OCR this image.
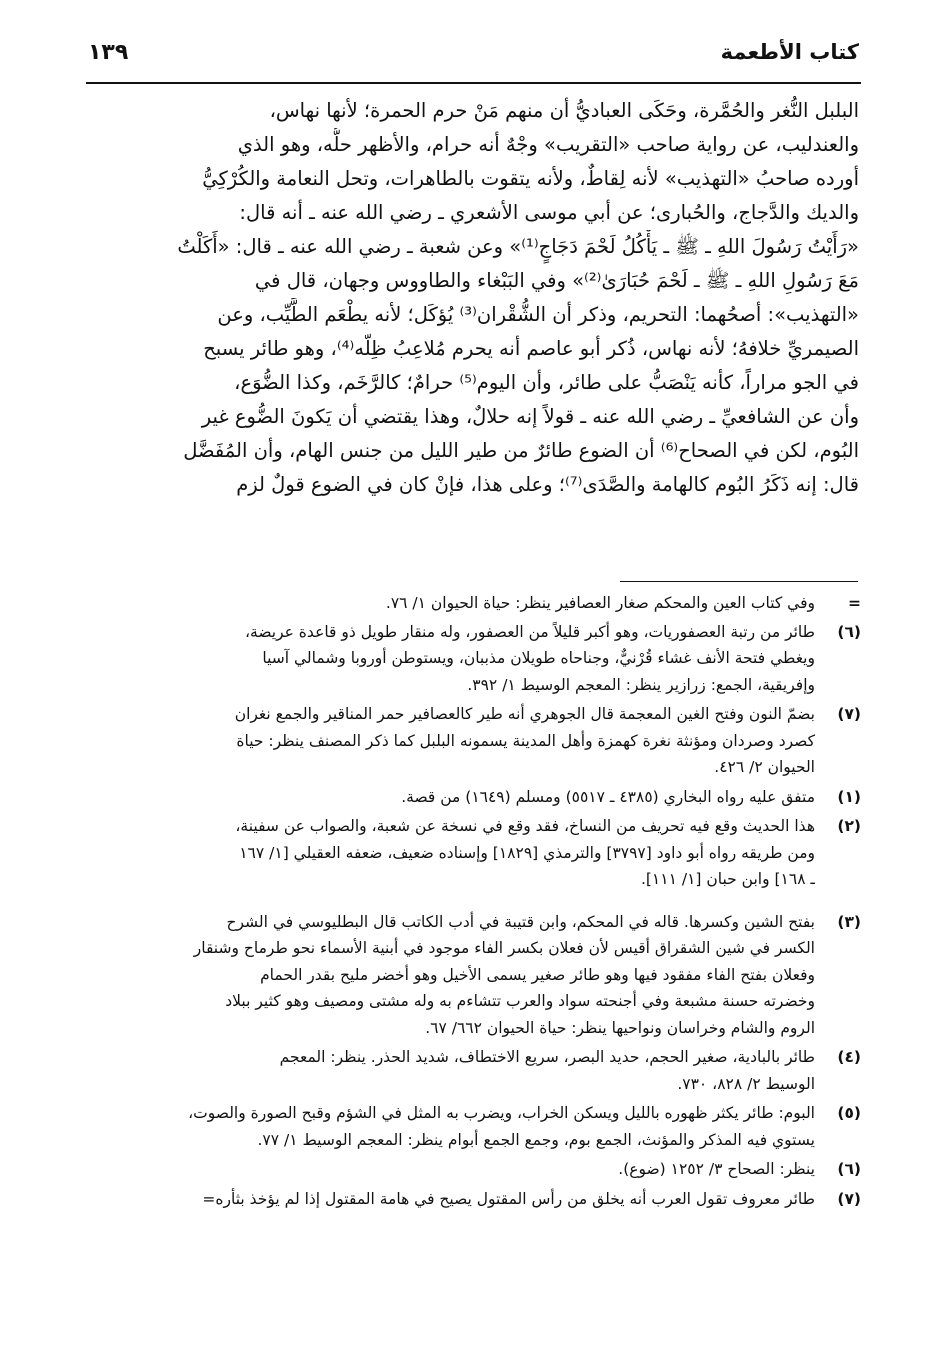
كتاب الأطعمة
١٣٩

البلبل النُّغر والحُمَّرة، وحَكَى العباديُّ أن منهم مَنْ حرم الحمرة؛ لأنها نهاس،
والعندليب، عن رواية صاحب «التقريب» وجْهٌ أنه حرام، والأظهر حلُّه، وهو الذي
أورده صاحبُ «التهذيب» لأنه لِقاطٌ، ولأنه يتقوت بالطاهرات، وتحل النعامة والكُرْكِيُّ
والديك والدَّجاج، والحُبارى؛ عن أبي موسى الأشعري ـ رضي الله عنه ـ أنه قال:
«رَأَيْتُ رَسُولَ اللهِ ـ ﷺ ـ يَأْكُلُ لَحْمَ دَجَاجٍ⁽¹⁾» وعن شعبة ـ رضي الله عنه ـ قال: «أَكَلْتُ
مَعَ رَسُولِ اللهِ ـ ﷺ ـ لَحْمَ حُبَارَىٰ⁽²⁾» وفي البَبْغاء والطاووس وجهان، قال في
«التهذيب»: أصحُهما: التحريم، وذكر أن الشُّقْران⁽³⁾ يُؤكَل؛ لأنه يطْعَم الطَّيِّب، وعن
الصيمريِّ خلافهُ؛ لأنه نهاس، ذُكر أبو عاصم أنه يحرم مُلاعِبُ ظِلّه⁽⁴⁾، وهو طائر يسبح
في الجو مراراً، كأنه يَنْصَبُّ على طائر، وأن اليوم⁽⁵⁾ حرامٌ؛ كالرَّخَم، وكذا الضُّوَع،
وأن عن الشافعيِّ ـ رضي الله عنه ـ قولاً إنه حلالٌ، وهذا يقتضي أن يَكونَ الضُّوع غير
البُوم، لكن في الصحاح⁽⁶⁾ أن الضوع طائرٌ من طير الليل من جنس الهام، وأن المُفَضَّل
قال: إنه ذَكَرُ البُوم كالهامة والصَّدَى⁽⁷⁾؛ وعلى هذا، فإنْ كان في الضوع قولٌ لزم

=
وفي كتاب العين والمحكم صغار العصافير ينظر: حياة الحيوان ١/ ٧٦.
(٦)
طائر من رتبة العصفوريات، وهو أكبر قليلاً من العصفور، وله منقار طويل ذو قاعدة عريضة،
ويغطي فتحة الأنف غشاء قُرْنيٌّ، وجناحاه طويلان مذببان، ويستوطن أوروبا وشمالي آسيا
وإفريقية، الجمع: زرازير ينظر: المعجم الوسيط ١/ ٣٩٢.
(٧)
بضمّ النون وفتح الغين المعجمة قال الجوهري أنه طير كالعصافير حمر المناقير والجمع نغران
كصرد وصردان ومؤنثة نغرة كهمزة وأهل المدينة يسمونه البلبل كما ذكر المصنف ينظر: حياة
الحيوان ٢/ ٤٢٦.
(١)
متفق عليه رواه البخاري (٤٣٨٥ ـ ٥٥١٧) ومسلم (١٦٤٩) من قصة.
(٢)
هذا الحديث وقع فيه تحريف من النساخ، فقد وقع في نسخة عن شعبة، والصواب عن سفينة،
ومن طريقه رواه أبو داود [٣٧٩٧] والترمذي [١٨٢٩] وإسناده ضعيف، ضعفه العقيلي [١/ ١٦٧
ـ ١٦٨] وابن حبان [١/ ١١١].
(٣)
بفتح الشين وكسرها. قاله في المحكم، وابن قتيبة في أدب الكاتب قال البطليوسي في الشرح
الكسر في شين الشقراق أقيس لأن فعلان بكسر الفاء موجود في أبنية الأسماء نحو طرماح وشنقار
وفعلان بفتح الفاء مفقود فيها وهو طائر صغير يسمى الأخيل وهو أخضر مليح بقدر الحمام
وخضرته حسنة مشبعة وفي أجنحته سواد والعرب تتشاءم به وله مشتى ومصيف وهو كثير ببلاد
الروم والشام وخراسان ونواحيها ينظر: حياة الحيوان ٦٦٢/ ٦٧.
(٤)
طائر بالبادية، صغير الحجم، حديد البصر، سريع الاختطاف، شديد الحذر. ينظر: المعجم
الوسيط ٢/ ٨٢٨، ٧٣٠.
(٥)
البوم: طائر يكثر ظهوره بالليل ويسكن الخراب، ويضرب به المثل في الشؤم وقبح الصورة والصوت،
يستوي فيه المذكر والمؤنث، الجمع بوم، وجمع الجمع أبوام ينظر: المعجم الوسيط ١/ ٧٧.
(٦)
ينظر: الصحاح ٣/ ١٢٥٢ (ضوع).
(٧)
طائر معروف تقول العرب أنه يخلق من رأس المقتول يصيح في هامة المقتول إذا لم يؤخذ بثأره=
